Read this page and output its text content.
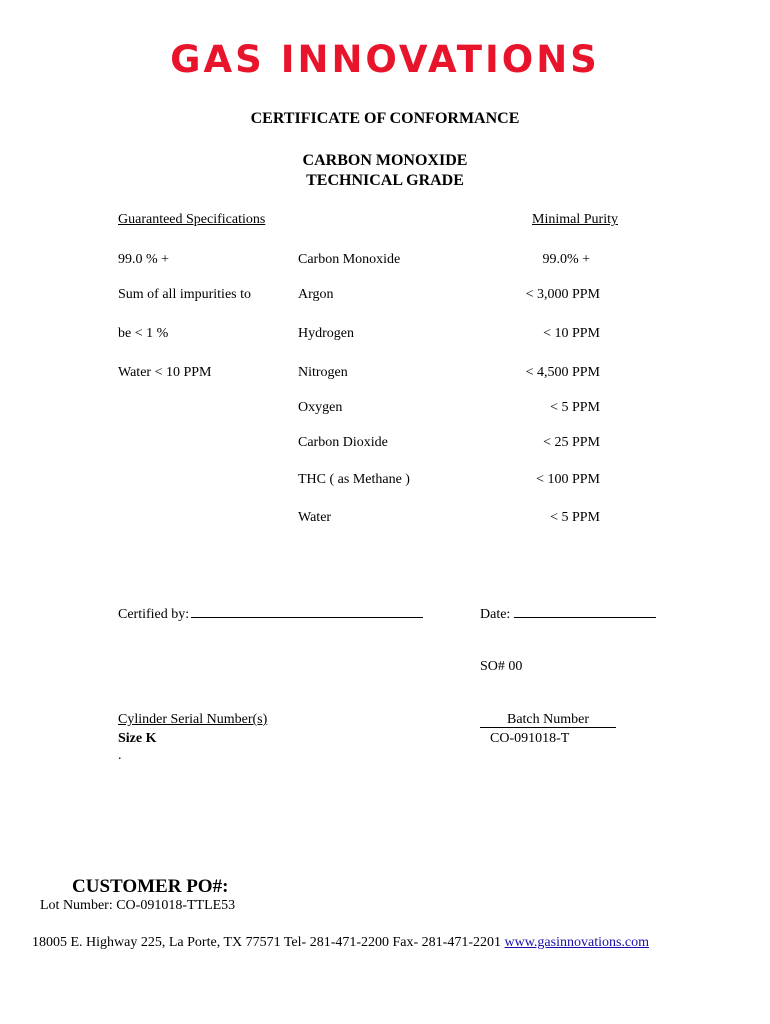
GAS INNOVATIONS
CERTIFICATE OF CONFORMANCE
CARBON MONOXIDE
TECHNICAL GRADE
Guaranteed Specifications	Minimal Purity
99.0 % +
Sum of all impurities to
be < 1 %
Water < 10 PPM
Carbon Monoxide	99.0% +
Argon	< 3,000 PPM
Hydrogen	< 10 PPM
Nitrogen	< 4,500 PPM
Oxygen	< 5 PPM
Carbon Dioxide	< 25 PPM
THC ( as Methane )	< 100 PPM
Water	< 5 PPM
Certified by:	Date:
SO# 00
Cylinder Serial Number(s)
Size K
.
Batch Number
CO-091018-T
CUSTOMER PO#:
Lot Number: CO-091018-TTLE53
18005 E. Highway 225, La Porte, TX 77571 Tel- 281-471-2200 Fax- 281-471-2201 www.gasinnovations.com
